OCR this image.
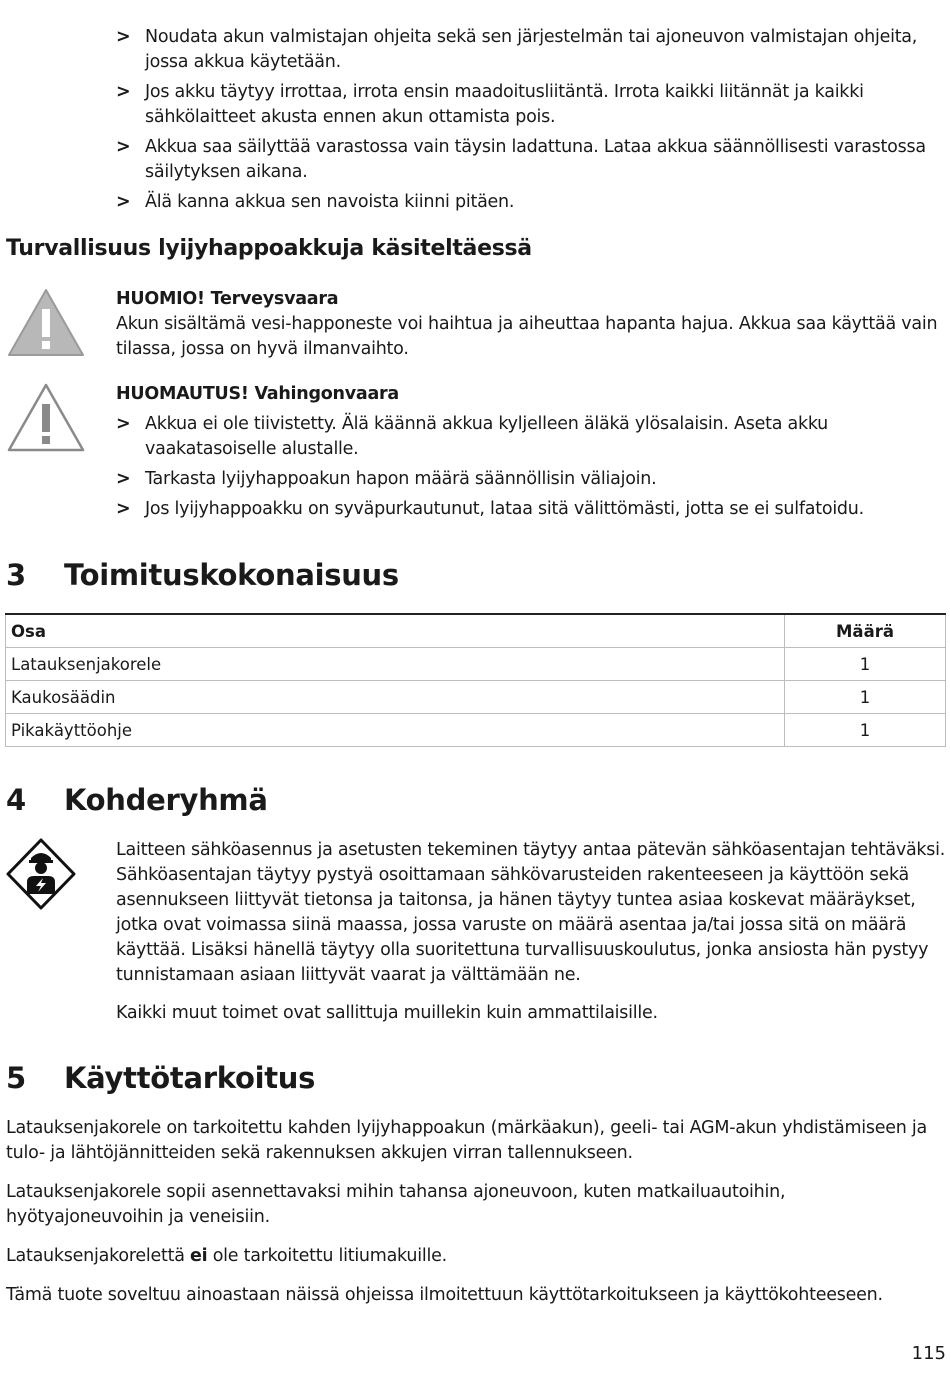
> Noudata akun valmistajan ohjeita sekä sen järjestelmän tai ajoneuvon valmistajan ohjeita, jossa akkua käytetään.
> Jos akku täytyy irrottaa, irrota ensin maadoitusliitäntä. Irrota kaikki liitännät ja kaikki sähkölaitteet akusta ennen akun ottamista pois.
> Akkua saa säilyttää varastossa vain täysin ladattuna. Lataa akkua säännöllisesti varastossa säilytyksen aikana.
> Älä kanna akkua sen navoista kiinni pitäen.
Turvallisuus lyijyhappoakkuja käsiteltäessä
HUOMIO! Terveysvaara
Akun sisältämä vesi-happoneste voi haihtua ja aiheuttaa hapanta hajua. Akkua saa käyttää vain tilassa, jossa on hyvä ilmanvaihto.
HUOMAUTUS! Vahingonvaara
> Akkua ei ole tiivistetty. Älä käännä akkua kyljelleen äläkä ylösalaisin. Aseta akku vaakatasoiselle alustalle.
> Tarkasta lyijyhappoakun hapon määrä säännöllisin väliajoin.
> Jos lyijyhappoakku on syväpurkautunut, lataa sitä välittömästi, jotta se ei sulfatoidu.
3 Toimituskokonaisuus
Osa	Määrä
Latauksenjakorele	1
Kaukosäädin	1
Pikakäyttöohje	1
4 Kohderyhmä

Laitteen sähköasennus ja asetusten tekeminen täytyy antaa pätevän sähköasentajan tehtäväksi. Sähköasentajan täytyy pystyä osoittamaan sähkövarusteiden rakenteeseen ja käyttöön sekä asennukseen liittyvät tietonsa ja taitonsa, ja hänen täytyy tuntea asiaa koskevat määräykset, jotka ovat voimassa siinä maassa, jossa varuste on määrä asentaa ja/tai jossa sitä on määrä käyttää. Lisäksi hänellä täytyy olla suoritettuna turvallisuuskoulutus, jonka ansiosta hän pystyy tunnistamaan asiaan liittyvät vaarat ja välttämään ne.

Kaikki muut toimet ovat sallittuja muillekin kuin ammattilaisille.

5 Käyttötarkoitus

Latauksenjakorele on tarkoitettu kahden lyijyhappoakun (märkäakun), geeli- tai AGM-akun yhdistämiseen ja tulo- ja lähtöjännitteiden sekä rakennuksen akkujen virran tallennukseen.

Latauksenjakorele sopii asennettavaksi mihin tahansa ajoneuvoon, kuten matkailuautoihin, hyötyajoneuvoihin ja veneisiin.

Latauksenjakorelettä ei ole tarkoitettu litiumakuille.

Tämä tuote soveltuu ainoastaan näissä ohjeissa ilmoitettuun käyttötarkoitukseen ja käyttökohteeseen.

115
